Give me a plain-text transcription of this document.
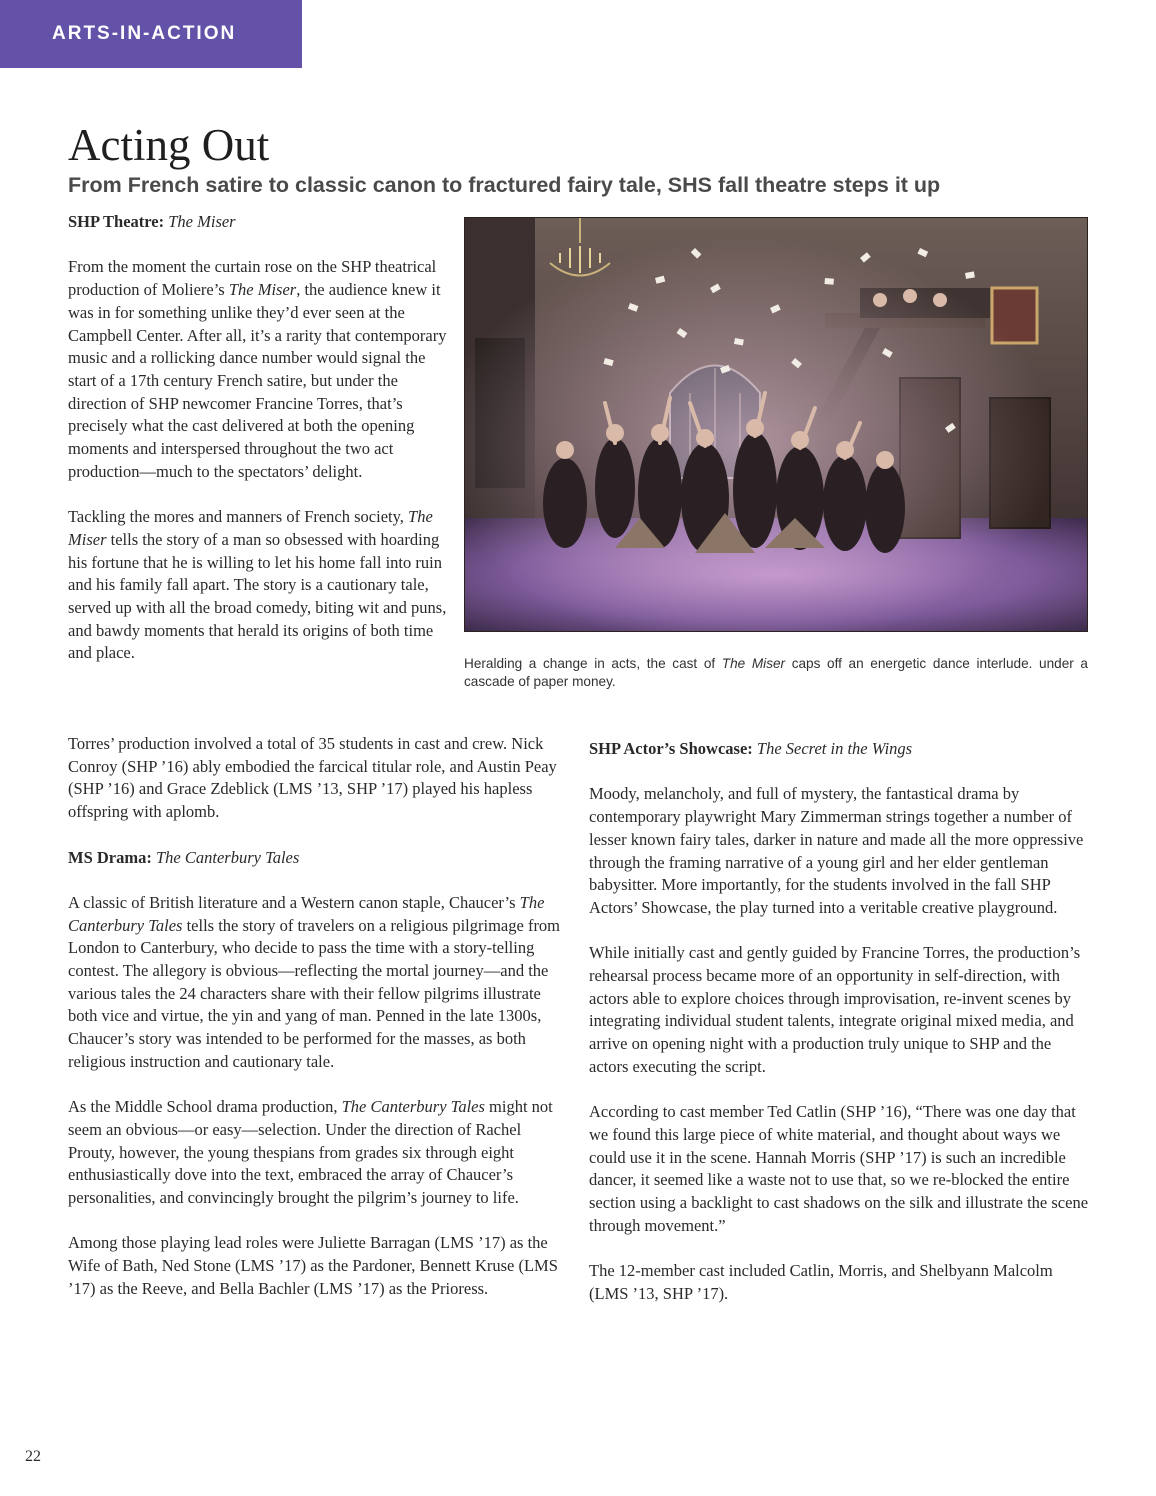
ARTS-IN-ACTION
Acting Out
From French satire to classic canon to fractured fairy tale, SHS fall theatre steps it up

SHP Theatre: The Miser

From the moment the curtain rose on the SHP theatrical production of Moliere’s The Miser, the audience knew it was in for something unlike they’d ever seen at the Campbell Center. After all, it’s a rarity that contemporary music and a rollicking dance number would signal the start of a 17th century French satire, but under the direction of SHP newcomer Francine Torres, that’s precisely what the cast delivered at both the opening moments and interspersed throughout the two act production—much to the spectators’ delight.

Tackling the mores and manners of French society, The Miser tells the story of a man so obsessed with hoarding his fortune that he is willing to let his home fall into ruin and his family fall apart. The story is a cautionary tale, served up with all the broad comedy, biting wit and puns, and bawdy moments that herald its origins of both time and place.

Heralding a change in acts, the cast of The Miser caps off an energetic dance interlude. under a cascade of paper money.

Torres’ production involved a total of 35 students in cast and crew. Nick Conroy (SHP ’16) ably embodied the farcical titular role, and Austin Peay (SHP ’16) and Grace Zdeblick (LMS ’13, SHP ’17) played his hapless offspring with aplomb.

MS Drama: The Canterbury Tales

A classic of British literature and a Western canon staple, Chaucer’s The Canterbury Tales tells the story of travelers on a religious pilgrimage from London to Canterbury, who decide to pass the time with a story-telling contest. The allegory is obvious—reflecting the mortal journey—and the various tales the 24 characters share with their fellow pilgrims illustrate both vice and virtue, the yin and yang of man. Penned in the late 1300s, Chaucer’s story was intended to be performed for the masses, as both religious instruction and cautionary tale.

As the Middle School drama production, The Canterbury Tales might not seem an obvious—or easy—selection. Under the direction of Rachel Prouty, however, the young thespians from grades six through eight enthusiastically dove into the text, embraced the array of Chaucer’s personalities, and convincingly brought the pilgrim’s journey to life.

Among those playing lead roles were Juliette Barragan (LMS ’17) as the Wife of Bath, Ned Stone (LMS ’17) as the Pardoner, Bennett Kruse (LMS ’17) as the Reeve, and Bella Bachler (LMS ’17) as the Prioress.

SHP Actor’s Showcase: The Secret in the Wings

Moody, melancholy, and full of mystery, the fantastical drama by contemporary playwright Mary Zimmerman strings together a number of lesser known fairy tales, darker in nature and made all the more oppressive through the framing narrative of a young girl and her elder gentleman babysitter. More importantly, for the students involved in the fall SHP Actors’ Showcase, the play turned into a veritable creative playground.

While initially cast and gently guided by Francine Torres, the production’s rehearsal process became more of an opportunity in self-direction, with actors able to explore choices through improvisation, re-invent scenes by integrating individual student talents, integrate original mixed media, and arrive on opening night with a production truly unique to SHP and the actors executing the script.

According to cast member Ted Catlin (SHP ’16), “There was one day that we found this large piece of white material, and thought about ways we could use it in the scene. Hannah Morris (SHP ’17) is such an incredible dancer, it seemed like a waste not to use that, so we re-blocked the entire section using a backlight to cast shadows on the silk and illustrate the scene through movement.”

The 12-member cast included Catlin, Morris, and Shelbyann Malcolm (LMS ’13, SHP ’17).

22
